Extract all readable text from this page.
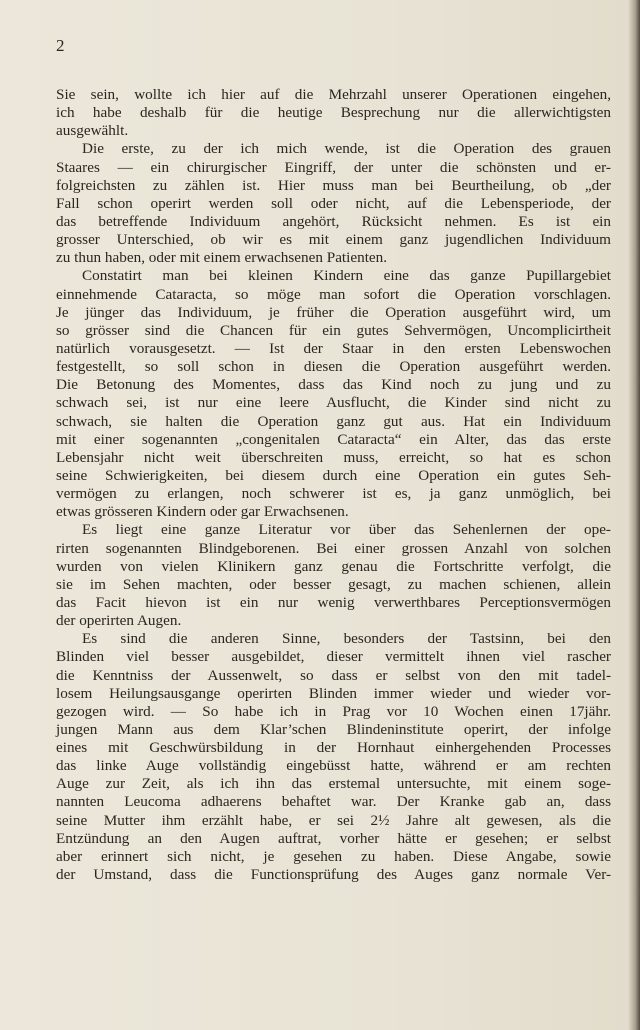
2
Sie sein, wollte ich hier auf die Mehrzahl unserer Operationen eingehen,
ich habe deshalb für die heutige Besprechung nur die allerwichtigsten
ausgewählt.
Die erste, zu der ich mich wende, ist die Operation des grauen
Staares — ein chirurgischer Eingriff, der unter die schönsten und er-
folgreichsten zu zählen ist. Hier muss man bei Beurtheilung, ob „der
Fall schon operirt werden soll oder nicht, auf die Lebensperiode, der
das betreffende Individuum angehört, Rücksicht nehmen. Es ist ein
grosser Unterschied, ob wir es mit einem ganz jugendlichen Individuum
zu thun haben, oder mit einem erwachsenen Patienten.
Constatirt man bei kleinen Kindern eine das ganze Pupillargebiet
einnehmende Cataracta, so möge man sofort die Operation vorschlagen.
Je jünger das Individuum, je früher die Operation ausgeführt wird, um
so grösser sind die Chancen für ein gutes Sehvermögen, Uncomplicirtheit
natürlich vorausgesetzt. — Ist der Staar in den ersten Lebenswochen
festgestellt, so soll schon in diesen die Operation ausgeführt werden.
Die Betonung des Momentes, dass das Kind noch zu jung und zu
schwach sei, ist nur eine leere Ausflucht, die Kinder sind nicht zu
schwach, sie halten die Operation ganz gut aus. Hat ein Individuum
mit einer sogenannten „congenitalen Cataracta“ ein Alter, das das erste
Lebensjahr nicht weit überschreiten muss, erreicht, so hat es schon
seine Schwierigkeiten, bei diesem durch eine Operation ein gutes Seh-
vermögen zu erlangen, noch schwerer ist es, ja ganz unmöglich, bei
etwas grösseren Kindern oder gar Erwachsenen.
Es liegt eine ganze Literatur vor über das Sehenlernen der ope-
rirten sogenannten Blindgeborenen. Bei einer grossen Anzahl von solchen
wurden von vielen Klinikern ganz genau die Fortschritte verfolgt, die
sie im Sehen machten, oder besser gesagt, zu machen schienen, allein
das Facit hievon ist ein nur wenig verwerthbares Perceptionsvermögen
der operirten Augen.
Es sind die anderen Sinne, besonders der Tastsinn, bei den
Blinden viel besser ausgebildet, dieser vermittelt ihnen viel rascher
die Kenntniss der Aussenwelt, so dass er selbst von den mit tadel-
losem Heilungsausgange operirten Blinden immer wieder und wieder vor-
gezogen wird. — So habe ich in Prag vor 10 Wochen einen 17jähr.
jungen Mann aus dem Klar’schen Blindeninstitute operirt, der infolge
eines mit Geschwürsbildung in der Hornhaut einhergehenden Processes
das linke Auge vollständig eingebüsst hatte, während er am rechten
Auge zur Zeit, als ich ihn das erstemal untersuchte, mit einem soge-
nannten Leucoma adhaerens behaftet war. Der Kranke gab an, dass
seine Mutter ihm erzählt habe, er sei 2½ Jahre alt gewesen, als die
Entzündung an den Augen auftrat, vorher hätte er gesehen; er selbst
aber erinnert sich nicht, je gesehen zu haben. Diese Angabe, sowie
der Umstand, dass die Functionsprüfung des Auges ganz normale Ver-
